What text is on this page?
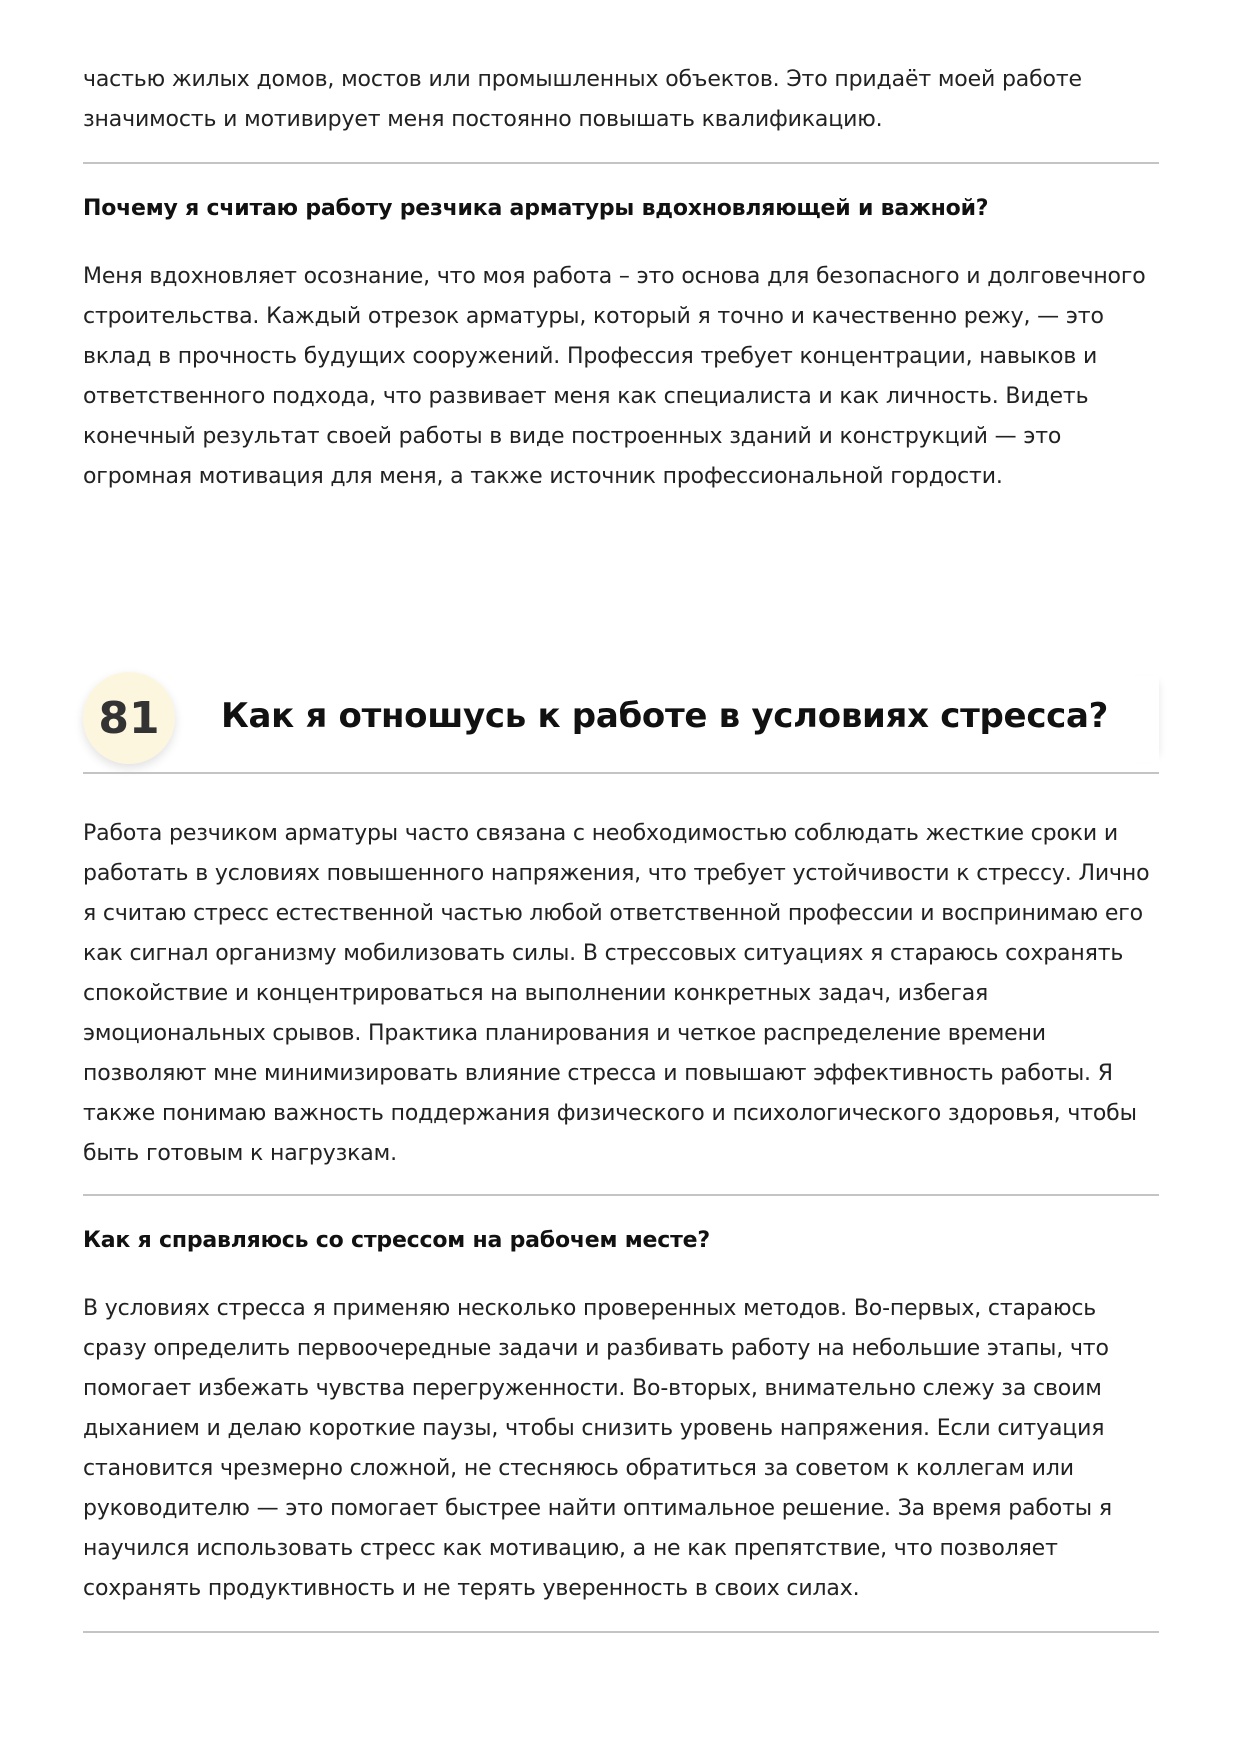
частью жилых домов, мостов или промышленных объектов. Это придаёт моей работе значимость и мотивирует меня постоянно повышать квалификацию.

Почему я считаю работу резчика арматуры вдохновляющей и важной?

Меня вдохновляет осознание, что моя работа – это основа для безопасного и долговечного строительства. Каждый отрезок арматуры, который я точно и качественно режу, — это вклад в прочность будущих сооружений. Профессия требует концентрации, навыков и ответственного подхода, что развивает меня как специалиста и как личность. Видеть конечный результат своей работы в виде построенных зданий и конструкций — это огромная мотивация для меня, а также источник профессиональной гордости.

81	Как я отношусь к работе в условиях стресса?

Работа резчиком арматуры часто связана с необходимостью соблюдать жесткие сроки и работать в условиях повышенного напряжения, что требует устойчивости к стрессу. Лично я считаю стресс естественной частью любой ответственной профессии и воспринимаю его как сигнал организму мобилизовать силы. В стрессовых ситуациях я стараюсь сохранять спокойствие и концентрироваться на выполнении конкретных задач, избегая эмоциональных срывов. Практика планирования и четкое распределение времени позволяют мне минимизировать влияние стресса и повышают эффективность работы. Я также понимаю важность поддержания физического и психологического здоровья, чтобы быть готовым к нагрузкам.

Как я справляюсь со стрессом на рабочем месте?

В условиях стресса я применяю несколько проверенных методов. Во-первых, стараюсь сразу определить первоочередные задачи и разбивать работу на небольшие этапы, что помогает избежать чувства перегруженности. Во-вторых, внимательно слежу за своим дыханием и делаю короткие паузы, чтобы снизить уровень напряжения. Если ситуация становится чрезмерно сложной, не стесняюсь обратиться за советом к коллегам или руководителю — это помогает быстрее найти оптимальное решение. За время работы я научился использовать стресс как мотивацию, а не как препятствие, что позволяет сохранять продуктивность и не терять уверенность в своих силах.
